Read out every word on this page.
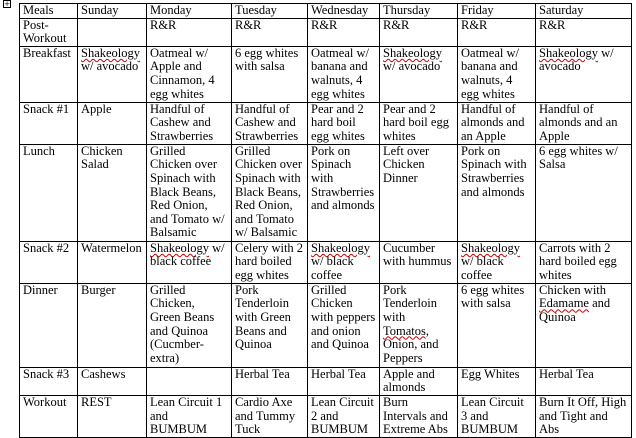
+ Meals	Sunday	Monday	Tuesday	Wednesday	Thursday	Friday	Saturday
Post-Workout		R&R	R&R	R&R	R&R	R&R	R&R
Breakfast	Shakeology w/ avocado	Oatmeal w/ Apple and Cinnamon, 4 egg whites	6 egg whites with salsa	Oatmeal w/ banana and walnuts, 4 egg whites	Shakeology w/ avocado	Oatmeal w/ banana and walnuts, 4 egg whites	Shakeology w/ avocado
Snack #1	Apple	Handful of Cashew and Strawberries	Handful of Cashew and Strawberries	Pear and 2 hard boil egg whites	Pear and 2 hard boil egg whites	Handful of almonds and an Apple	Handful of almonds and an Apple
Lunch	Chicken Salad	Grilled Chicken over Spinach with Black Beans, Red Onion, and Tomato w/ Balsamic	Grilled Chicken over Spinach with Black Beans, Red Onion, and Tomato w/ Balsamic	Pork on Spinach with Strawberries and almonds	Left over Chicken Dinner	Pork on Spinach with Strawberries and almonds	6 egg whites w/ Salsa
Snack #2	Watermelon	Shakeology w/ black coffee	Celery with 2 hard boiled egg whites	Shakeology w/ black coffee	Cucumber with hummus	Shakeology w/ black coffee	Carrots with 2 hard boiled egg whites
Dinner	Burger	Grilled Chicken, Green Beans and Quinoa (Cucmber-extra)	Pork Tenderloin with Green Beans and Quinoa	Grilled Chicken with peppers and onion and Quinoa	Pork Tenderloin with Tomatos, Onion, and Peppers	6 egg whites with salsa	Chicken with Edamame and Quinoa
Snack #3	Cashews		Herbal Tea	Herbal Tea	Apple and almonds	Egg Whites	Herbal Tea
Workout	REST	Lean Circuit 1 and BUMBUM	Cardio Axe and Tummy Tuck	Lean Circuit 2 and BUMBUM	Burn Intervals and Extreme Abs	Lean Circuit 3 and BUMBUM	Burn It Off, High and Tight and Abs
